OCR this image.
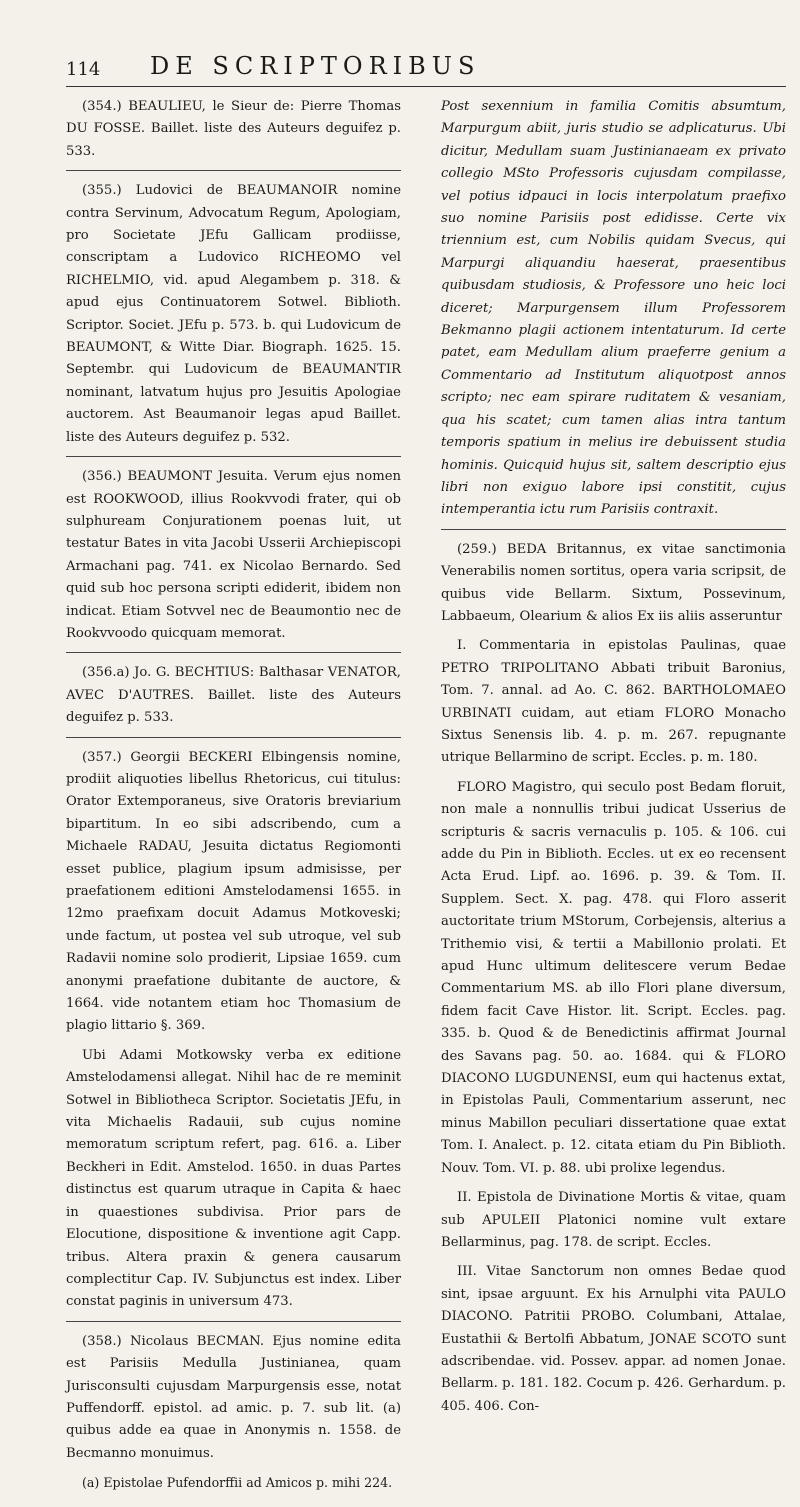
114	DE SCRIPTORIBUS

(354.) BEAULIEU, le Sieur de: Pierre Thomas DU FOSSE. Baillet. liste des Auteurs deguifez p. 533.

(355.) Ludovici de BEAUMANOIR nomine contra Servinum, Advocatum Regum, Apologiam, pro Societate JEfu Gallicam prodiisse, conscriptam a Ludovico RICHEOMO vel RICHELMIO, vid. apud Alegambem p. 318. & apud ejus Continuatorem Sotwel. Biblioth. Scriptor. Societ. JEfu p. 573. b. qui Ludovicum de BEAUMONT, & Witte Diar. Biograph. 1625. 15. Septembr. qui Ludovicum de BEAUMANTIR nominant, latvatum hujus pro Jesuitis Apologiae auctorem. Ast Beaumanoir legas apud Baillet. liste des Auteurs deguifez p. 532.

(356.) BEAUMONT Jesuita. Verum ejus nomen est ROOKWOOD, illius Rookvvodi frater, qui ob sulphuream Conjurationem poenas luit, ut testatur Bates in vita Jacobi Usserii Archiepiscopi Armachani pag. 741. ex Nicolao Bernardo. Sed quid sub hoc persona scripti ediderit, ibidem non indicat. Etiam Sotvvel nec de Beaumontio nec de Rookvvoodo quicquam memorat.

(356.a) Jo. G. BECHTIUS: Balthasar VENATOR, AVEC D'AUTRES. Baillet. liste des Auteurs deguifez p. 533.

(357.) Georgii BECKERI Elbingensis nomine, prodiit aliquoties libellus Rhetoricus, cui titulus: Orator Extemporaneus, sive Oratoris breviarium bipartitum. In eo sibi adscribendo, cum a Michaele RADAU, Jesuita dictatus Regiomonti esset publice, plagium ipsum admisisse, per praefationem editioni Amstelodamensi 1655. in 12mo praefixam docuit Adamus Motkoveski; unde factum, ut postea vel sub utroque, vel sub Radavii nomine solo prodierit, Lipsiae 1659. cum anonymi praefatione dubitante de auctore, & 1664. vide notantem etiam hoc Thomasium de plagio littario §. 369.

Ubi Adami Motkowsky verba ex editione Amstelodamensi allegat. Nihil hac de re meminit Sotwel in Bibliotheca Scriptor. Societatis JEfu, in vita Michaelis Radauii, sub cujus nomine memoratum scriptum refert, pag. 616. a. Liber Beckheri in Edit. Amstelod. 1650. in duas Partes distinctus est quarum utraque in Capita & haec in quaestiones subdivisa. Prior pars de Elocutione, dispositione & inventione agit Capp. tribus. Altera praxin & genera causarum complectitur Cap. IV. Subjunctus est index. Liber constat paginis in universum 473.

(358.) Nicolaus BECMAN. Ejus nomine edita est Parisiis Medulla Justinianea, quam Jurisconsulti cujusdam Marpurgensis esse, notat Puffendorff. epistol. ad amic. p. 7. sub lit. (a) quibus adde ea quae in Anonymis n. 1558. de Becmanno monuimus.

(a) Epistolae Pufendorffii ad Amicos p. mihi 224.

Post sexennium in familia Comitis absumtum, Marpurgum abiit, juris studio se adplicaturus. Ubi dicitur, Medullam suam Justinianaeam ex privato collegio MSto Professoris cujusdam compilasse, vel potius idpauci in locis interpolatum praefixo suo nomine Parisiis post edidisse. Certe vix triennium est, cum Nobilis quidam Svecus, qui Marpurgi aliquandiu haeserat, praesentibus quibusdam studiosis, & Professore uno heic loci diceret; Marpurgensem illum Professorem Bekmanno plagii actionem intentaturum. Id certe patet, eam Medullam alium praeferre genium a Commentario ad Institutum aliquotpost annos scripto; nec eam spirare ruditatem & vesaniam, qua his scatet; cum tamen alias intra tantum temporis spatium in melius ire debuissent studia hominis. Quicquid hujus sit, saltem descriptio ejus libri non exiguo labore ipsi constitit, cujus intemperantia ictu rum Parisiis contraxit.

(259.) BEDA Britannus, ex vitae sanctimonia Venerabilis nomen sortitus, opera varia scripsit, de quibus vide Bellarm. Sixtum, Possevinum, Labbaeum, Olearium & alios Ex iis aliis asseruntur

I. Commentaria in epistolas Paulinas, quae PETRO TRIPOLITANO Abbati tribuit Baronius, Tom. 7. annal. ad Ao. C. 862. BARTHOLOMAEO URBINATI cuidam, aut etiam FLORO Monacho Sixtus Senensis lib. 4. p. m. 267. repugnante utrique Bellarmino de script. Eccles. p. m. 180.

FLORO Magistro, qui seculo post Bedam floruit, non male a nonnullis tribui judicat Usserius de scripturis & sacris vernaculis p. 105. & 106. cui adde du Pin in Biblioth. Eccles. ut ex eo recensent Acta Erud. Lipf. ao. 1696. p. 39. & Tom. II. Supplem. Sect. X. pag. 478. qui Floro asserit auctoritate trium MStorum, Corbejensis, alterius a Trithemio visi, & tertii a Mabillonio prolati. Et apud Hunc ultimum delitescere verum Bedae Commentarium MS. ab illo Flori plane diversum, fidem facit Cave Histor. lit. Script. Eccles. pag. 335. b. Quod & de Benedictinis affirmat Journal des Savans pag. 50. ao. 1684. qui & FLORO DIACONO LUGDUNENSI, eum qui hactenus extat, in Epistolas Pauli, Commentarium asserunt, nec minus Mabillon peculiari dissertatione quae extat Tom. I. Analect. p. 12. citata etiam du Pin Biblioth. Nouv. Tom. VI. p. 88. ubi prolixe legendus.

II. Epistola de Divinatione Mortis & vitae, quam sub APULEII Platonici nomine vult extare Bellarminus, pag. 178. de script. Eccles.

III. Vitae Sanctorum non omnes Bedae quod sint, ipsae arguunt. Ex his Arnulphi vita PAULO DIACONO. Patritii PROBO. Columbani, Attalae, Eustathii & Bertolfi Abbatum, JONAE SCOTO sunt adscribendae. vid. Possev. appar. ad nomen Jonae. Bellarm. p. 181. 182. Cocum p. 426. Gerhardum. p. 405. 406. Con-
